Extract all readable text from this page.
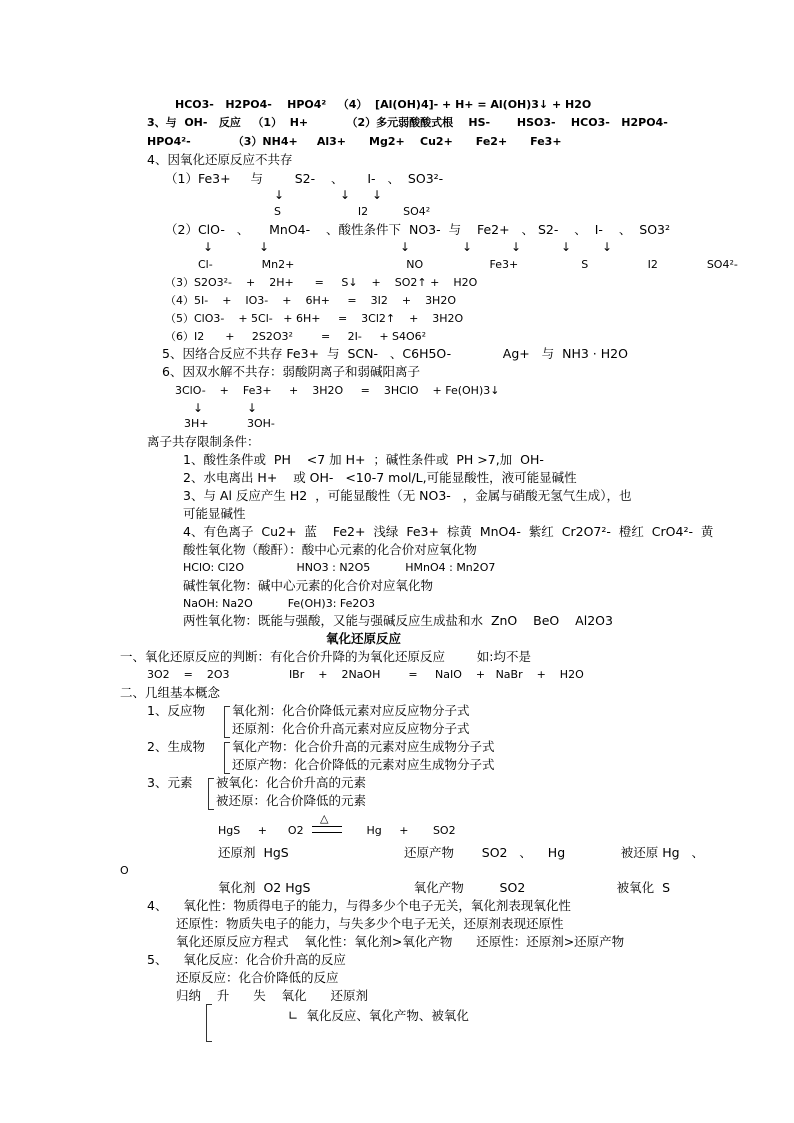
HCO3-   H2PO4-    HPO4²   （4）  [Al(OH)4]- + H+ = Al(OH)3↓ + H2O
3、与  OH-   反应   （1）  H+          （2）多元弱酸酸式根    HS-       HSO3-    HCO3-   H2PO4-
HPO4²-           （3）NH4+     Al3+      Mg2+    Cu2+      Fe2+      Fe3+
4、因氧化还原反应不共存
（1）Fe3+     与        S2-    、      I-   、  SO3²-
↓	↓ ↓
S                      I2          SO4²
（2）ClO-   、     MnO4-    、酸性条件下  NO3-  与    Fe2+   、 S2-    、  I-    、  SO3²
↓	↓	↓	↓	↓	↓	↓
Cl-              Mn2+                                NO                   Fe3+                  S                 I2              SO4²-
（3）S2O3²-    +    2H+      =     S↓    +    SO2↑ +    H2O
（4）5I-    +    IO3-    +    6H+     =    3I2    +    3H2O
（5）ClO3-    + 5Cl-   + 6H+     =    3Cl2↑    +    3H2O
（6）I2      +     2S2O3²        =     2I-     + S4O6²
5、因络合反应不共存 Fe3+  与  SCN-   、C6H5O-             Ag+   与  NH3 · H2O
6、因双水解不共存：弱酸阴离子和弱碱阳离子
3ClO-    +    Fe3+     +    3H2O     =    3HClO    + Fe(OH)3↓
↓	↓
3H+           3OH-
离子共存限制条件：
1、酸性条件或  PH    <7 加 H+  ；碱性条件或  PH >7,加  OH-
2、水电离出 H+    或 OH-   <10-7 mol/L,可能显酸性，液可能显碱性
3、与 Al 反应产生 H2  ，可能显酸性（无 NO3-   ，金属与硝酸无氢气生成），也
可能显碱性
4、有色离子  Cu2+  蓝    Fe2+  浅绿  Fe3+  棕黄  MnO4-  紫红  Cr2O7²-  橙红  CrO4²-  黄
酸性氧化物（酸酐）：酸中心元素的化合价对应氧化物
HClO: Cl2O               HNO3 : N2O5          HMnO4 : Mn2O7
碱性氧化物：碱中心元素的化合价对应氧化物
NaOH: Na2O          Fe(OH)3: Fe2O3
两性氧化物：既能与强酸，又能与强碱反应生成盐和水  ZnO    BeO    Al2O3
氧化还原反应
一、氧化还原反应的判断：有化合价升降的为氧化还原反应        如:均不是
3O2    =    2O3                 IBr    +    2NaOH        =     NaIO    +   NaBr    +    H2O
二、几组基本概念
1、反应物 氧化剂：化合价降低元素对应反应物分子式
还原剂：化合价升高元素对应反应物分子式
2、生成物 氧化产物：化合价升高的元素对应生成物分子式
还原产物：化合价降低的元素对应生成物分子式
3、元素 被氧化：化合价升高的元素
被还原：化合价降低的元素
△
HgS     +      O2                  Hg     +       SO2
还原剂  HgS                             还原产物       SO2   、    Hg              被还原 Hg   、
O
氧化剂  O2 HgS                          氧化产物         SO2                       被氧化  S
4、    氧化性：物质得电子的能力，与得多少个电子无关，氧化剂表现氧化性
还原性：物质失电子的能力，与失多少个电子无关，还原剂表现还原性
氧化还原反应方程式    氧化性：氧化剂>氧化产物      还原性：还原剂>还原产物
5、    氧化反应：化合价升高的反应
还原反应：化合价降低的反应
归纳    升      失    氧化      还原剂
∟  氧化反应、氧化产物、被氧化
